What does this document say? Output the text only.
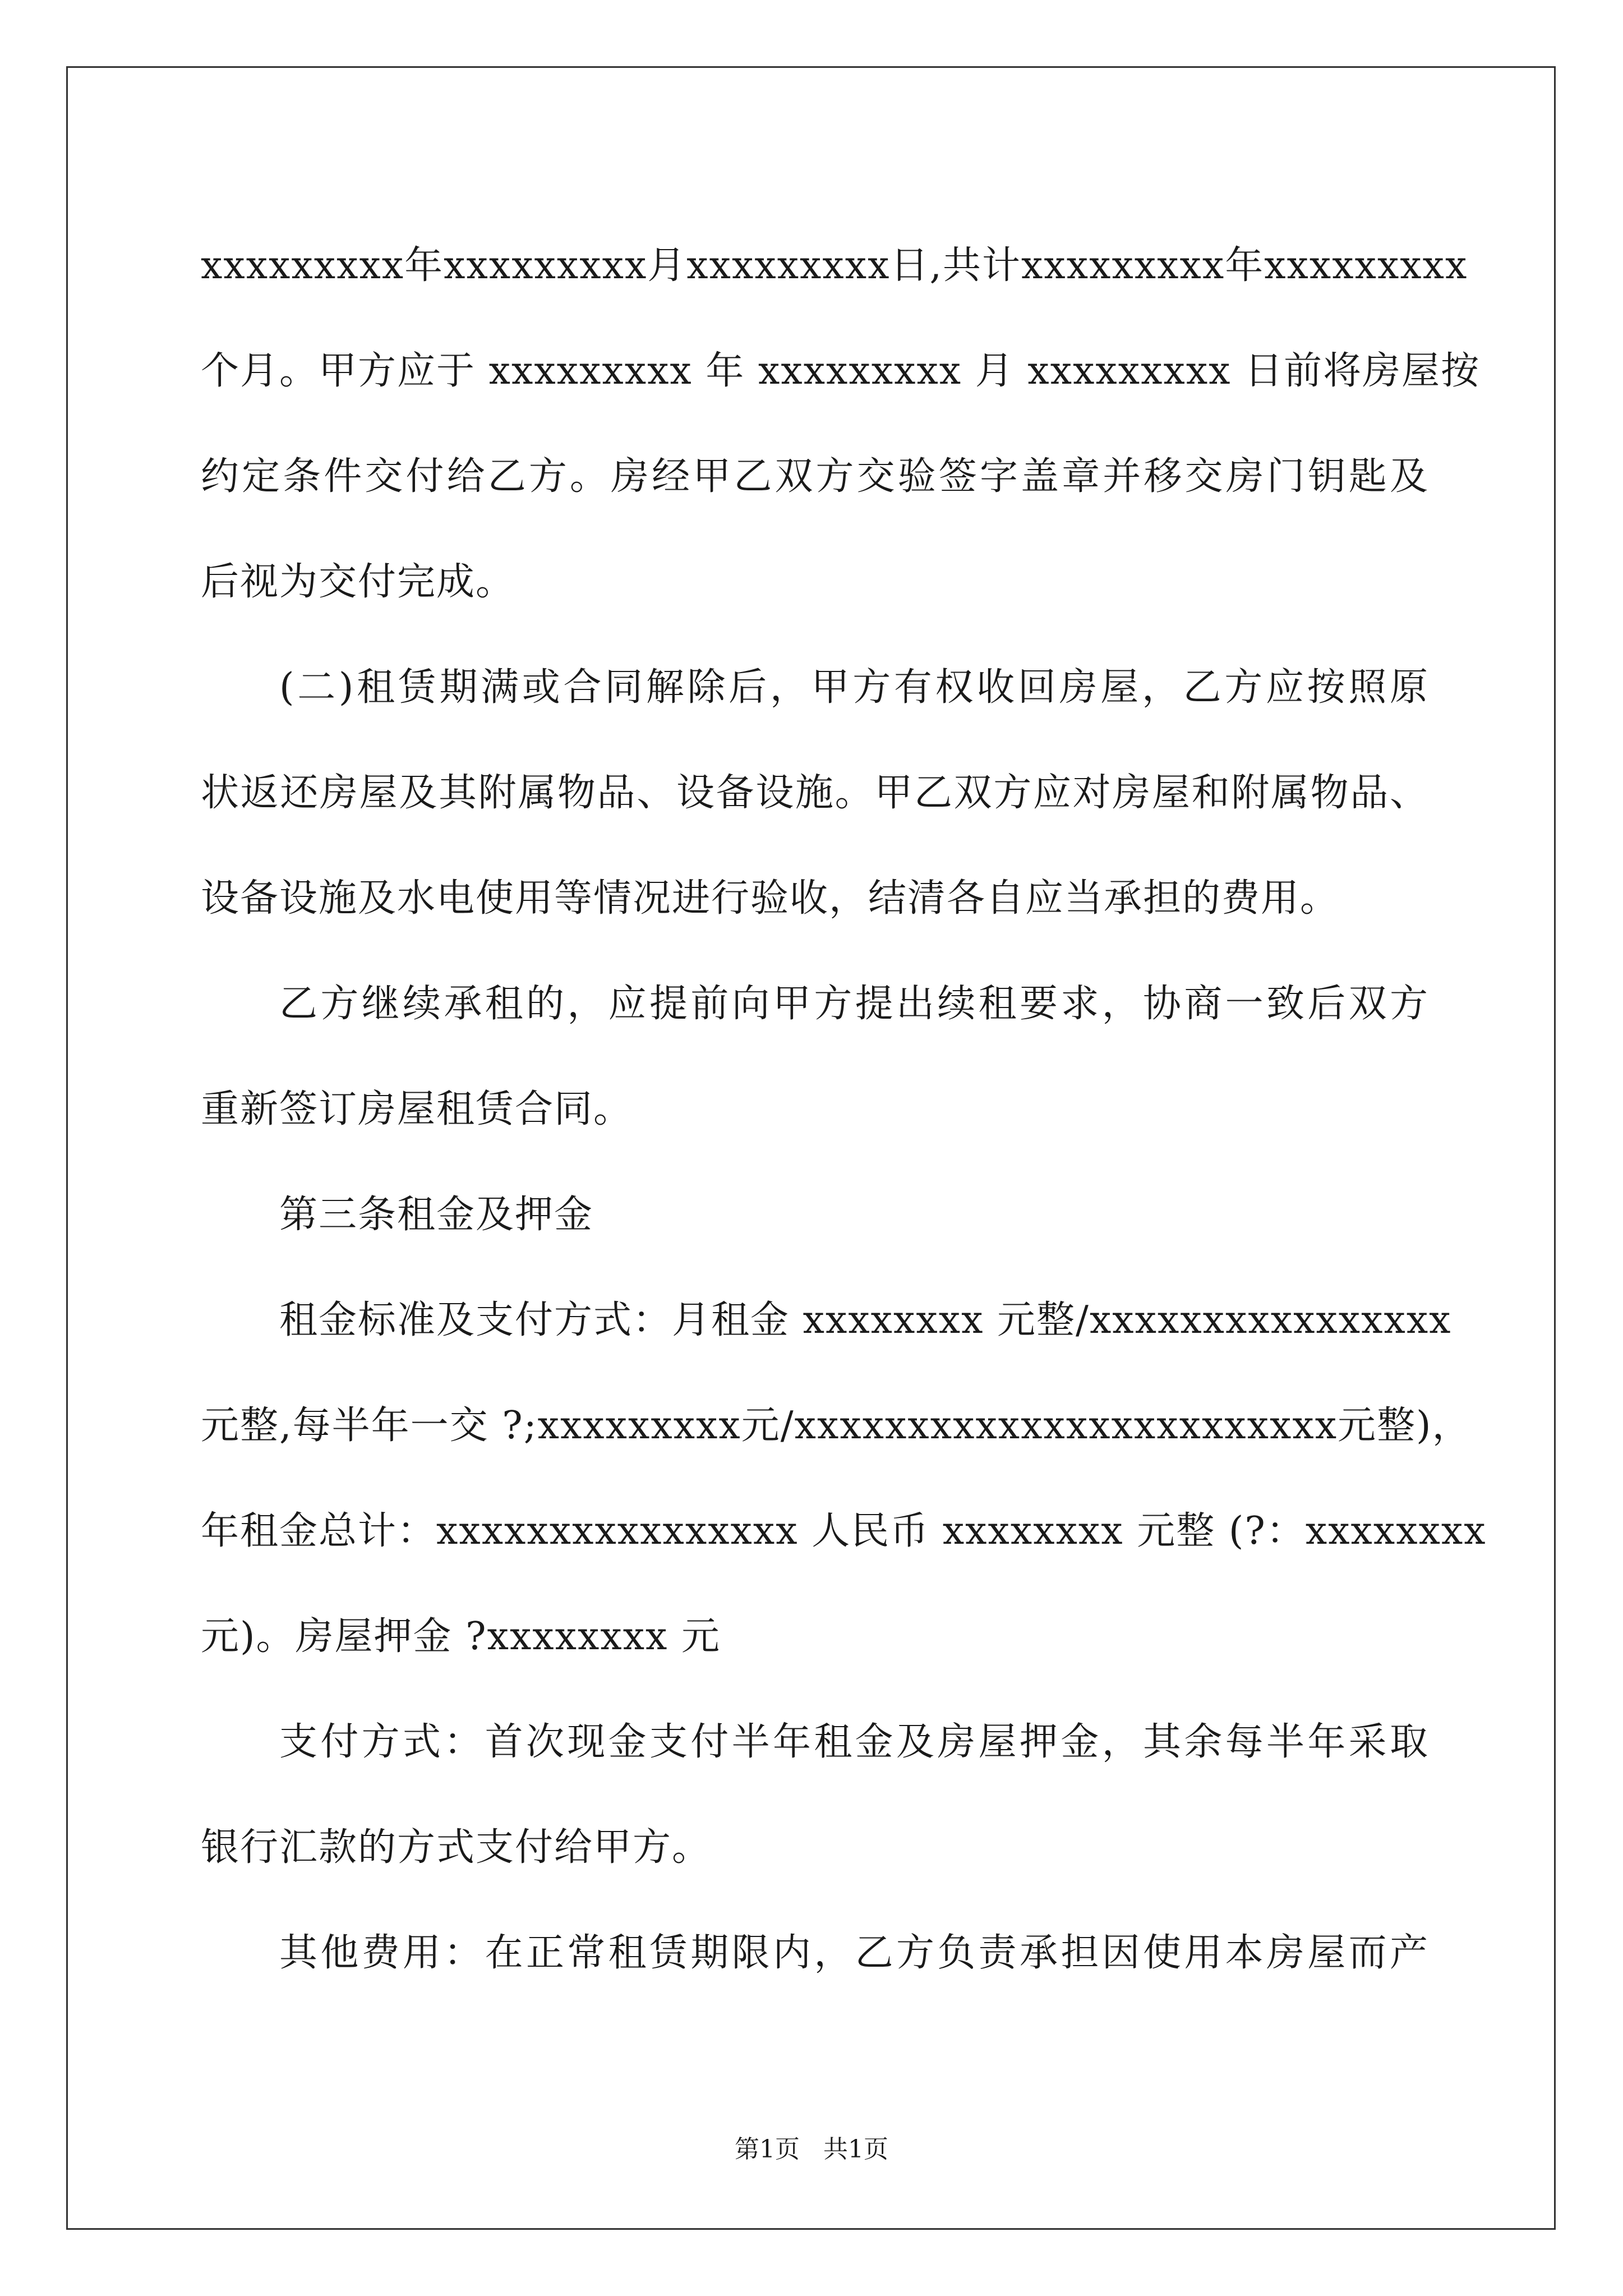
xxxxxxxxx年xxxxxxxxx月xxxxxxxxx日,共计xxxxxxxxx年xxxxxxxxx
个月。甲方应于 xxxxxxxxx 年 xxxxxxxxx 月 xxxxxxxxx 日前将房屋按
约定条件交付给乙方。房经甲乙双方交验签字盖章并移交房门钥匙及
后视为交付完成。
(二)租赁期满或合同解除后，甲方有权收回房屋，乙方应按照原
状返还房屋及其附属物品、设备设施。甲乙双方应对房屋和附属物品、
设备设施及水电使用等情况进行验收，结清各自应当承担的费用。
乙方继续承租的，应提前向甲方提出续租要求，协商一致后双方
重新签订房屋租赁合同。
第三条租金及押金
租金标准及支付方式：月租金 xxxxxxxx 元整/xxxxxxxxxxxxxxxx
元整,每半年一交 ?;xxxxxxxxx元/xxxxxxxxxxxxxxxxxxxxxxxx元整)，
年租金总计：xxxxxxxxxxxxxxxx 人民币 xxxxxxxx 元整 (?：xxxxxxxx
元)。房屋押金 ?xxxxxxxx 元
支付方式：首次现金支付半年租金及房屋押金，其余每半年采取
银行汇款的方式支付给甲方。
其他费用：在正常租赁期限内，乙方负责承担因使用本房屋而产
第1页 共1页
